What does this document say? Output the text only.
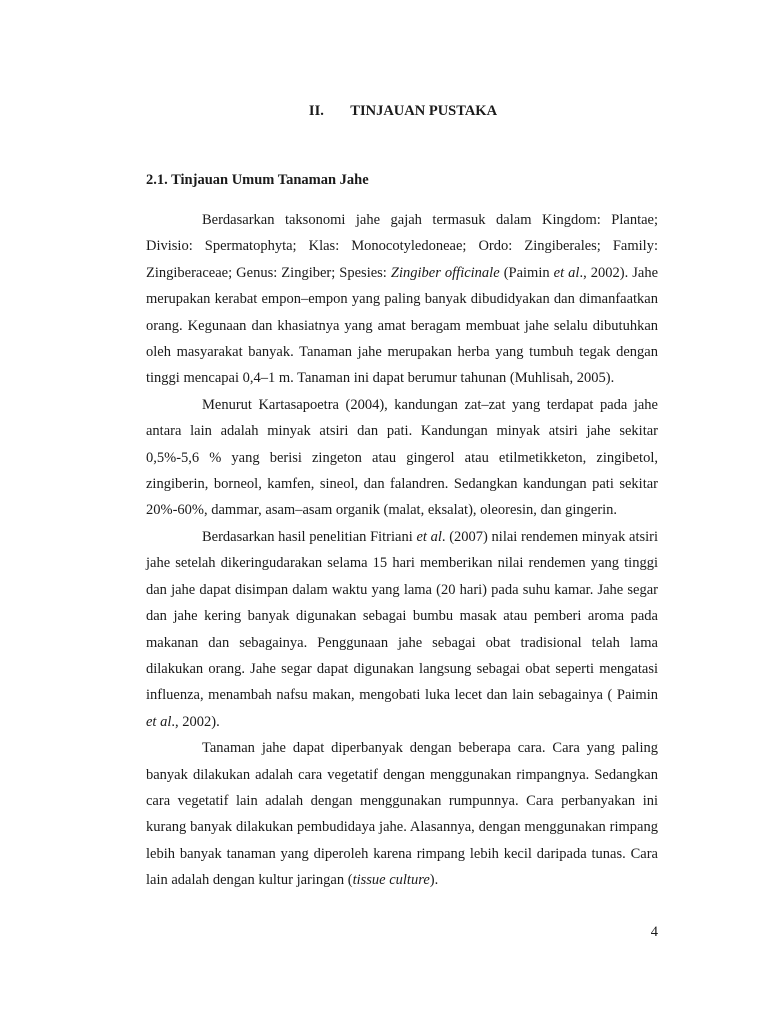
II. TINJAUAN PUSTAKA
2.1. Tinjauan Umum Tanaman Jahe

Berdasarkan taksonomi jahe gajah termasuk dalam Kingdom: Plantae; Divisio: Spermatophyta; Klas: Monocotyledoneae; Ordo: Zingiberales; Family: Zingiberaceae; Genus: Zingiber; Spesies: Zingiber officinale (Paimin et al., 2002). Jahe merupakan kerabat empon–empon yang paling banyak dibudidyakan dan dimanfaatkan orang. Kegunaan dan khasiatnya yang amat beragam membuat jahe selalu dibutuhkan oleh masyarakat banyak. Tanaman jahe merupakan herba yang tumbuh tegak dengan tinggi mencapai 0,4–1 m. Tanaman ini dapat berumur tahunan (Muhlisah, 2005).

Menurut Kartasapoetra (2004), kandungan zat–zat yang terdapat pada jahe antara lain adalah minyak atsiri dan pati. Kandungan minyak atsiri jahe sekitar 0,5%-5,6 % yang berisi zingeton atau gingerol atau etilmetikketon, zingibetol, zingiberin, borneol, kamfen, sineol, dan falandren. Sedangkan kandungan pati sekitar 20%-60%, dammar, asam–asam organik (malat, eksalat), oleoresin, dan gingerin.

Berdasarkan hasil penelitian Fitriani et al. (2007) nilai rendemen minyak atsiri jahe setelah dikeringudarakan selama 15 hari memberikan nilai rendemen yang tinggi dan jahe dapat disimpan dalam waktu yang lama (20 hari) pada suhu kamar. Jahe segar dan jahe kering banyak digunakan sebagai bumbu masak atau pemberi aroma pada makanan dan sebagainya. Penggunaan jahe sebagai obat tradisional telah lama dilakukan orang. Jahe segar dapat digunakan langsung sebagai obat seperti mengatasi influenza, menambah nafsu makan, mengobati luka lecet dan lain sebagainya ( Paimin et al., 2002).

Tanaman jahe dapat diperbanyak dengan beberapa cara. Cara yang paling banyak dilakukan adalah cara vegetatif dengan menggunakan rimpangnya. Sedangkan cara vegetatif lain adalah dengan menggunakan rumpunnya. Cara perbanyakan ini kurang banyak dilakukan pembudidaya jahe. Alasannya, dengan menggunakan rimpang lebih banyak tanaman yang diperoleh karena rimpang lebih kecil daripada tunas. Cara lain adalah dengan kultur jaringan (tissue culture).

4
